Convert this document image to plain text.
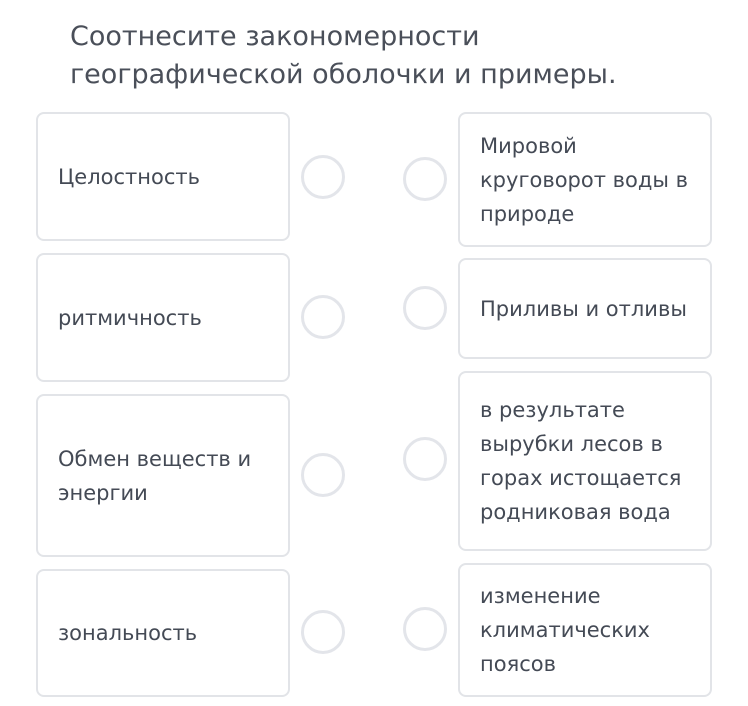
Соотнесите закономерности географической оболочки и примеры.
Целостность
ритмичность
Обмен веществ и энергии
зональность
Мировой круговорот воды в природе
Приливы и отливы
в результате вырубки лесов в горах истощается родниковая вода
изменение климатических поясов
